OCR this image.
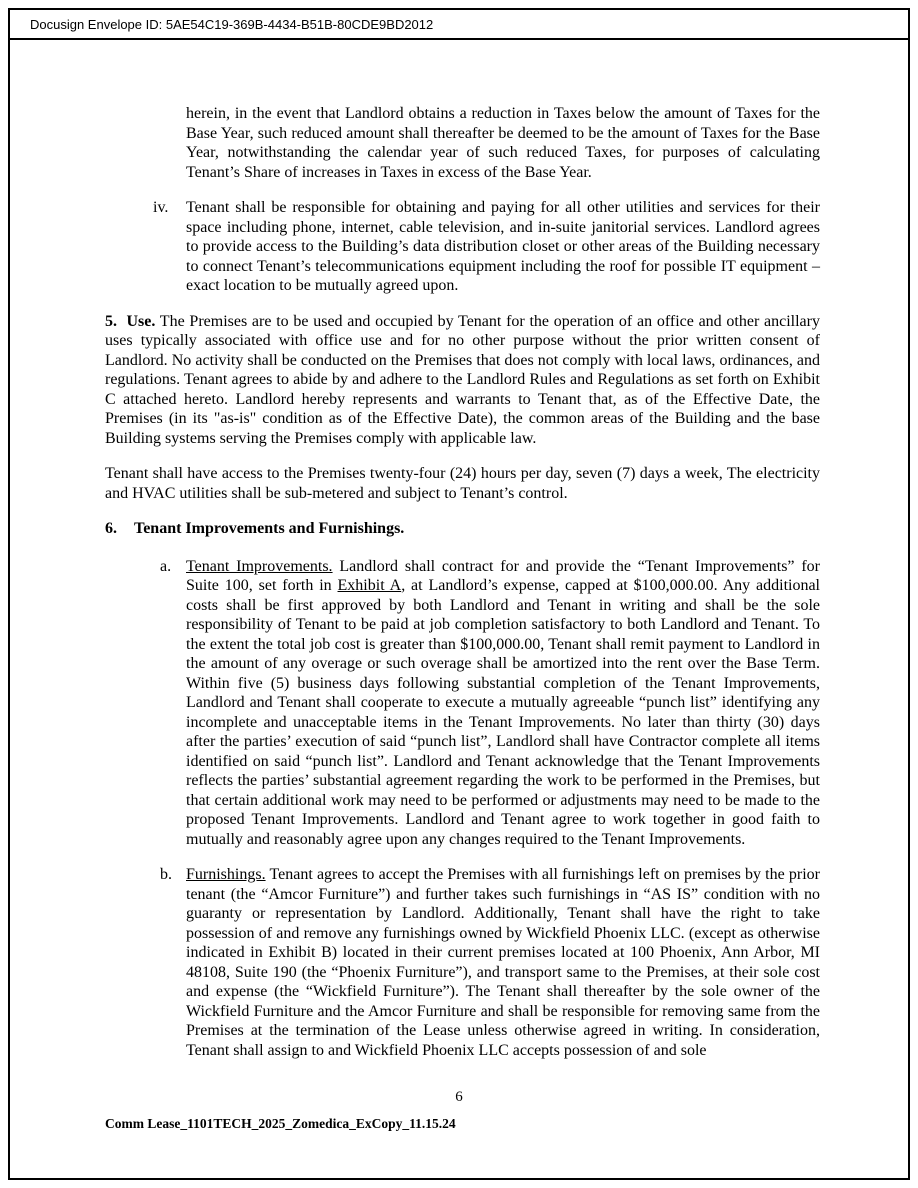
Docusign Envelope ID: 5AE54C19-369B-4434-B51B-80CDE9BD2012
herein, in the event that Landlord obtains a reduction in Taxes below the amount of Taxes for the Base Year, such reduced amount shall thereafter be deemed to be the amount of Taxes for the Base Year, notwithstanding the calendar year of such reduced Taxes, for purposes of calculating Tenant’s Share of increases in Taxes in excess of the Base Year.
iv. Tenant shall be responsible for obtaining and paying for all other utilities and services for their space including phone, internet, cable television, and in-suite janitorial services. Landlord agrees to provide access to the Building’s data distribution closet or other areas of the Building necessary to connect Tenant’s telecommunications equipment including the roof for possible IT equipment – exact location to be mutually agreed upon.
5.  Use. The Premises are to be used and occupied by Tenant for the operation of an office and other ancillary uses typically associated with office use and for no other purpose without the prior written consent of Landlord. No activity shall be conducted on the Premises that does not comply with local laws, ordinances, and regulations. Tenant agrees to abide by and adhere to the Landlord Rules and Regulations as set forth on Exhibit C attached hereto. Landlord hereby represents and warrants to Tenant that, as of the Effective Date, the Premises (in its "as-is" condition as of the Effective Date), the common areas of the Building and the base Building systems serving the Premises comply with applicable law.
Tenant shall have access to the Premises twenty-four (24) hours per day, seven (7) days a week, The electricity and HVAC utilities shall be sub-metered and subject to Tenant’s control.
6. Tenant Improvements and Furnishings.
a. Tenant Improvements. Landlord shall contract for and provide the “Tenant Improvements” for Suite 100, set forth in Exhibit A, at Landlord’s expense, capped at $100,000.00. Any additional costs shall be first approved by both Landlord and Tenant in writing and shall be the sole responsibility of Tenant to be paid at job completion satisfactory to both Landlord and Tenant. To the extent the total job cost is greater than $100,000.00, Tenant shall remit payment to Landlord in the amount of any overage or such overage shall be amortized into the rent over the Base Term. Within five (5) business days following substantial completion of the Tenant Improvements, Landlord and Tenant shall cooperate to execute a mutually agreeable “punch list” identifying any incomplete and unacceptable items in the Tenant Improvements. No later than thirty (30) days after the parties’ execution of said “punch list”, Landlord shall have Contractor complete all items identified on said “punch list”. Landlord and Tenant acknowledge that the Tenant Improvements reflects the parties’ substantial agreement regarding the work to be performed in the Premises, but that certain additional work may need to be performed or adjustments may need to be made to the proposed Tenant Improvements. Landlord and Tenant agree to work together in good faith to mutually and reasonably agree upon any changes required to the Tenant Improvements.
b. Furnishings. Tenant agrees to accept the Premises with all furnishings left on premises by the prior tenant (the “Amcor Furniture”) and further takes such furnishings in “AS IS” condition with no guaranty or representation by Landlord. Additionally, Tenant shall have the right to take possession of and remove any furnishings owned by Wickfield Phoenix LLC. (except as otherwise indicated in Exhibit B) located in their current premises located at 100 Phoenix, Ann Arbor, MI 48108, Suite 190 (the “Phoenix Furniture”), and transport same to the Premises, at their sole cost and expense (the “Wickfield Furniture”). The Tenant shall thereafter by the sole owner of the Wickfield Furniture and the Amcor Furniture and shall be responsible for removing same from the Premises at the termination of the Lease unless otherwise agreed in writing. In consideration, Tenant shall assign to and Wickfield Phoenix LLC accepts possession of and sole
6
Comm Lease_1101TECH_2025_Zomedica_ExCopy_11.15.24
